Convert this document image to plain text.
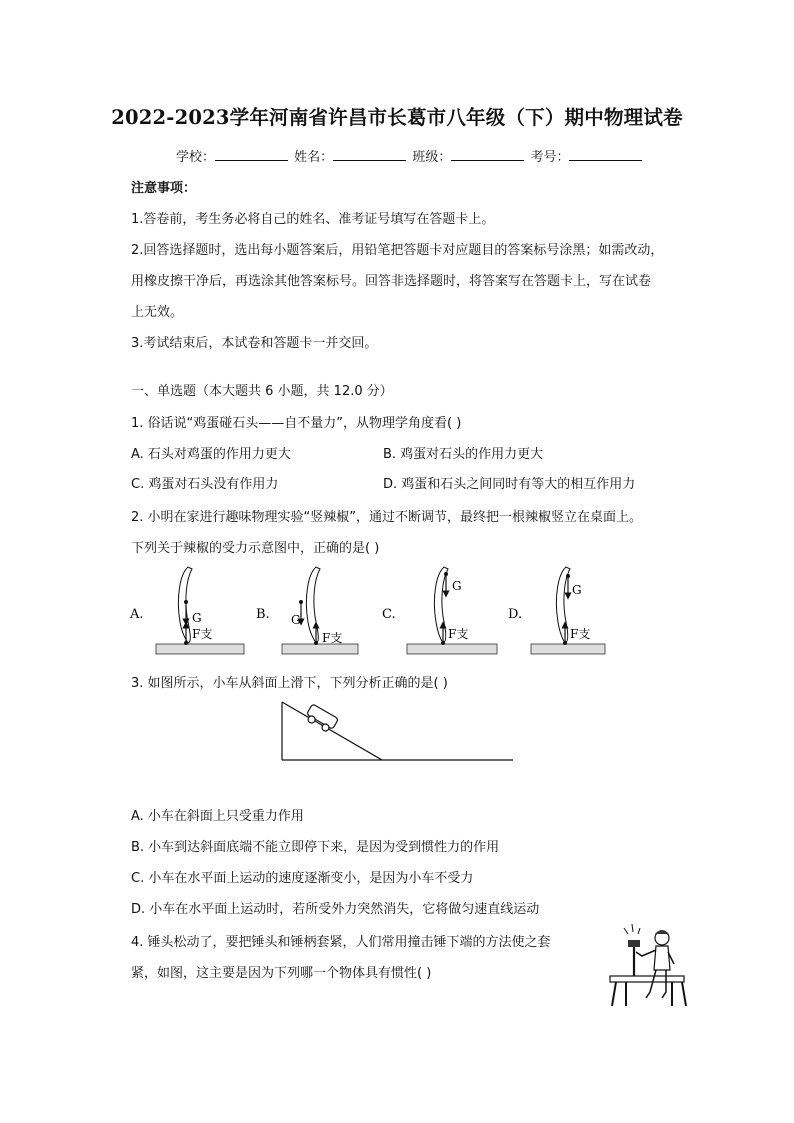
2022-2023学年河南省许昌市长葛市八年级（下）期中物理试卷
学校：	姓名：	班级：	考号：
注意事项：
1.答卷前，考生务必将自己的姓名、准考证号填写在答题卡上。
2.回答选择题时，选出每小题答案后，用铅笔把答题卡对应题目的答案标号涂黑；如需改动，
用橡皮擦干净后，再选涂其他答案标号。回答非选择题时，将答案写在答题卡上，写在试卷
上无效。
3.考试结束后，本试卷和答题卡一并交回。
一、单选题（本大题共 6 小题，共 12.0 分）
1. 俗话说“鸡蛋碰石头——自不量力”，从物理学角度看( )
A. 石头对鸡蛋的作用力更大	B. 鸡蛋对石头的作用力更大
C. 鸡蛋对石头没有作用力	D. 鸡蛋和石头之间同时有等大的相互作用力
2. 小明在家进行趣味物理实验“竖辣椒”，通过不断调节，最终把一根辣椒竖立在桌面上。
下列关于辣椒的受力示意图中，正确的是( )
A.	G
F支
B. G
F支
C.
G
F支
D.
G
F支
3. 如图所示，小车从斜面上滑下，下列分析正确的是( )
A. 小车在斜面上只受重力作用
B. 小车到达斜面底端不能立即停下来，是因为受到惯性力的作用
C. 小车在水平面上运动的速度逐渐变小，是因为小车不受力
D. 小车在水平面上运动时，若所受外力突然消失，它将做匀速直线运动
4. 锤头松动了，要把锤头和锤柄套紧，人们常用撞击锤下端的方法使之套
紧，如图，这主要是因为下列哪一个物体具有惯性( )
